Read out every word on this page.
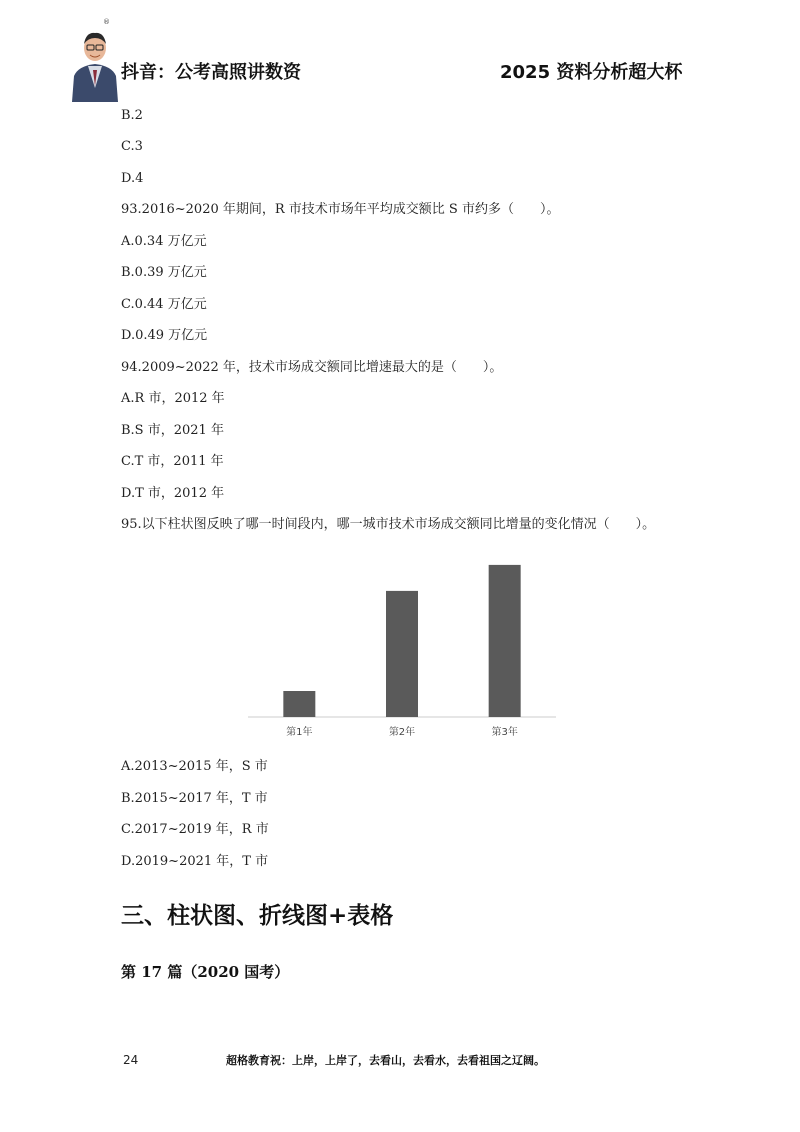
®
抖音：公考高照讲数资	2025 资料分析超大杯
B.2
C.3
D.4
93.2016~2020 年期间，R 市技术市场年平均成交额比 S 市约多（　　）。
A.0.34 万亿元
B.0.39 万亿元
C.0.44 万亿元
D.0.49 万亿元
94.2009~2022 年，技术市场成交额同比增速最大的是（　　）。
A.R 市，2012 年
B.S 市，2021 年
C.T 市，2011 年
D.T 市，2012 年
95.以下柱状图反映了哪一时间段内，哪一城市技术市场成交额同比增量的变化情况（　　）。
第1年	第2年	第3年
A.2013~2015 年，S 市
B.2015~2017 年，T 市
C.2017~2019 年，R 市
D.2019~2021 年，T 市
三、柱状图、折线图+表格
第 17 篇（2020 国考）
24	超格教育祝：上岸，上岸了，去看山，去看水，去看祖国之辽阔。
